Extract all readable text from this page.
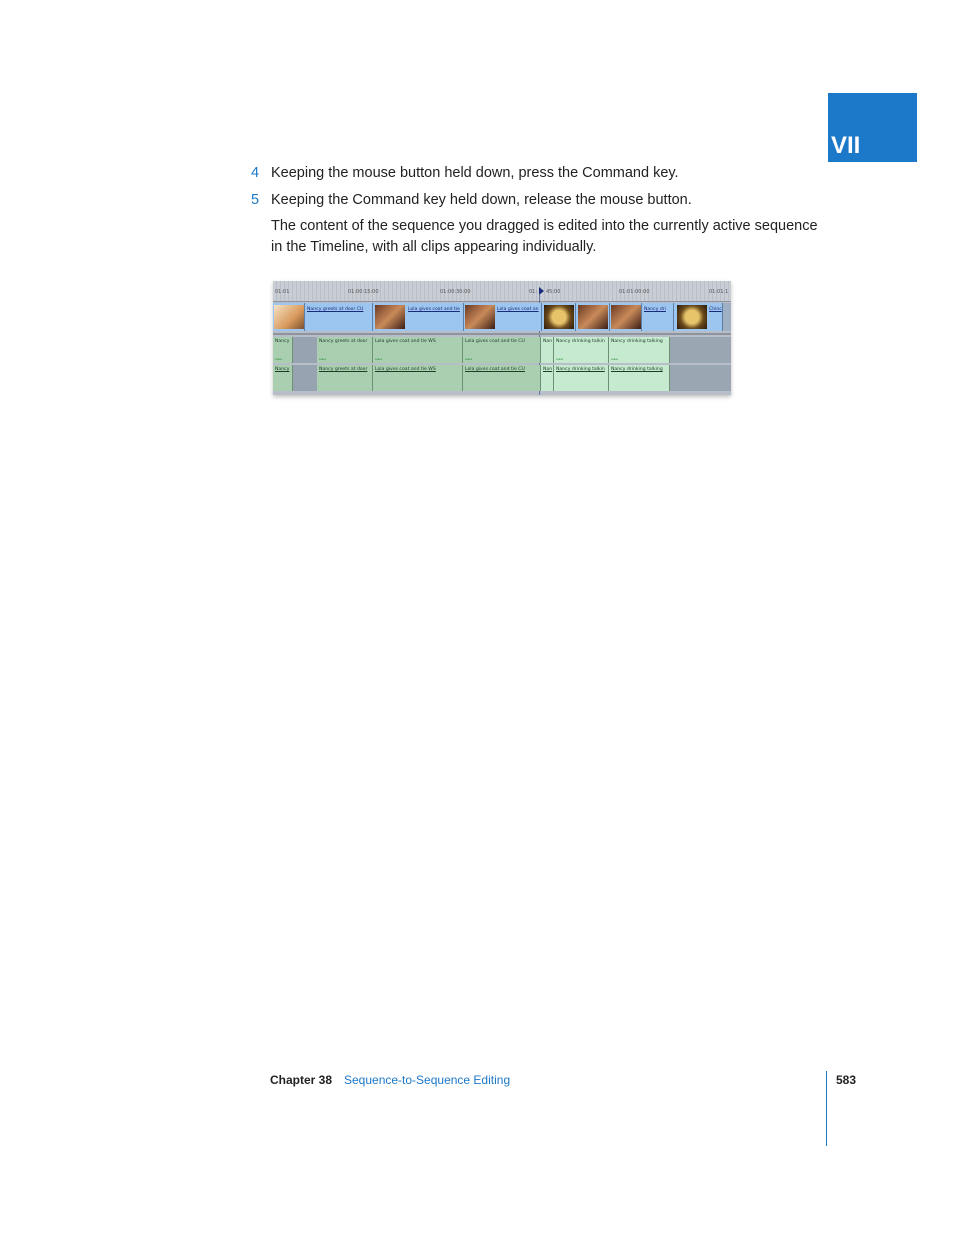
VII
4 Keeping the mouse button held down, press the Command key.
5 Keeping the Command key held down, release the mouse button.
The content of the sequence you dragged is edited into the currently active sequence in the Timeline, with all clips appearing individually.
01:01	01:00:15:00	01:00:30:00	01: 45:00	01:01:00:00	01:01:1
Nancy greets at door CU	Lola gives coat and tie	Lola gives coat an	Nancy dri	Chinc
Nancy
ꟷꟷ
Nancy greets at door
ꟷꟷ
Lola gives coat and tie WS
ꟷꟷ
Lola gives coat and tie CU
ꟷꟷ
Nan Nancy drinking talkin
ꟷꟷ
Nancy drinking talking
ꟷꟷ
Nancy	Nancy greets at door Lola gives coat and tie WS	Lola gives coat and tie CU	Nan Nancy drinking talkin Nancy drinking talking
Chapter 38 Sequence-to-Sequence Editing	583
